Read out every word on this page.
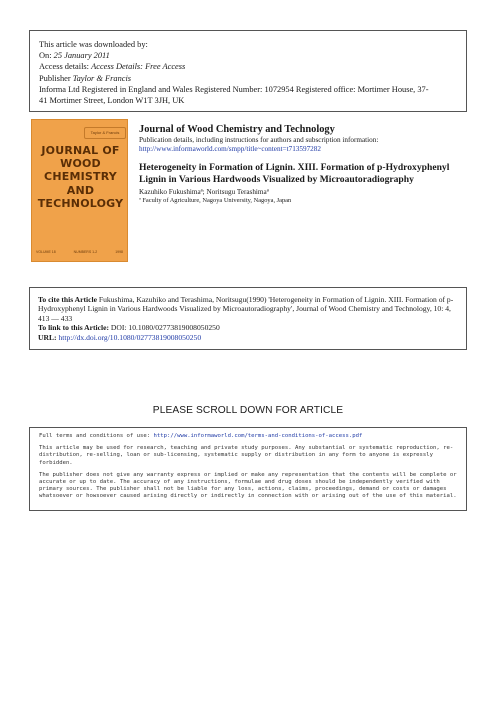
This article was downloaded by:
On: 25 January 2011
Access details: Access Details: Free Access
Publisher Taylor & Francis
Informa Ltd Registered in England and Wales Registered Number: 1072954 Registered office: Mortimer House, 37-
41 Mortimer Street, London W1T 3JH, UK
Taylor & Francis
JOURNAL OF
WOOD
CHEMISTRY
AND
TECHNOLOGY
VOLUME 18	NUMBERS 1-2	1998
Journal of Wood Chemistry and Technology
Publication details, including instructions for authors and subscription information:
http://www.informaworld.com/smpp/title~content=t713597282
Heterogeneity in Formation of Lignin. XIII. Formation of p-Hydroxyphenyl Lignin in Various Hardwoods Visualized by Microautoradiography
Kazuhiko Fukushimaª; Noritsugu Terashimaª
ª Faculty of Agriculture, Nagoya University, Nagoya, Japan
To cite this Article Fukushima, Kazuhiko and Terashima, Noritsugu(1990) 'Heterogeneity in Formation of Lignin. XIII. Formation of p-Hydroxyphenyl Lignin in Various Hardwoods Visualized by Microautoradiography', Journal of Wood Chemistry and Technology, 10: 4, 413 — 433
To link to this Article: DOI: 10.1080/02773819008050250
URL: http://dx.doi.org/10.1080/02773819008050250
PLEASE SCROLL DOWN FOR ARTICLE

Full terms and conditions of use: http://www.informaworld.com/terms-and-conditions-of-access.pdf

This article may be used for research, teaching and private study purposes. Any substantial or systematic reproduction, re-distribution, re-selling, loan or sub-licensing, systematic supply or distribution in any form to anyone is expressly forbidden.

The publisher does not give any warranty express or implied or make any representation that the contents will be complete or accurate or up to date. The accuracy of any instructions, formulae and drug doses should be independently verified with primary sources. The publisher shall not be liable for any loss, actions, claims, proceedings, demand or costs or damages whatsoever or howsoever caused arising directly or indirectly in connection with or arising out of the use of this material.
